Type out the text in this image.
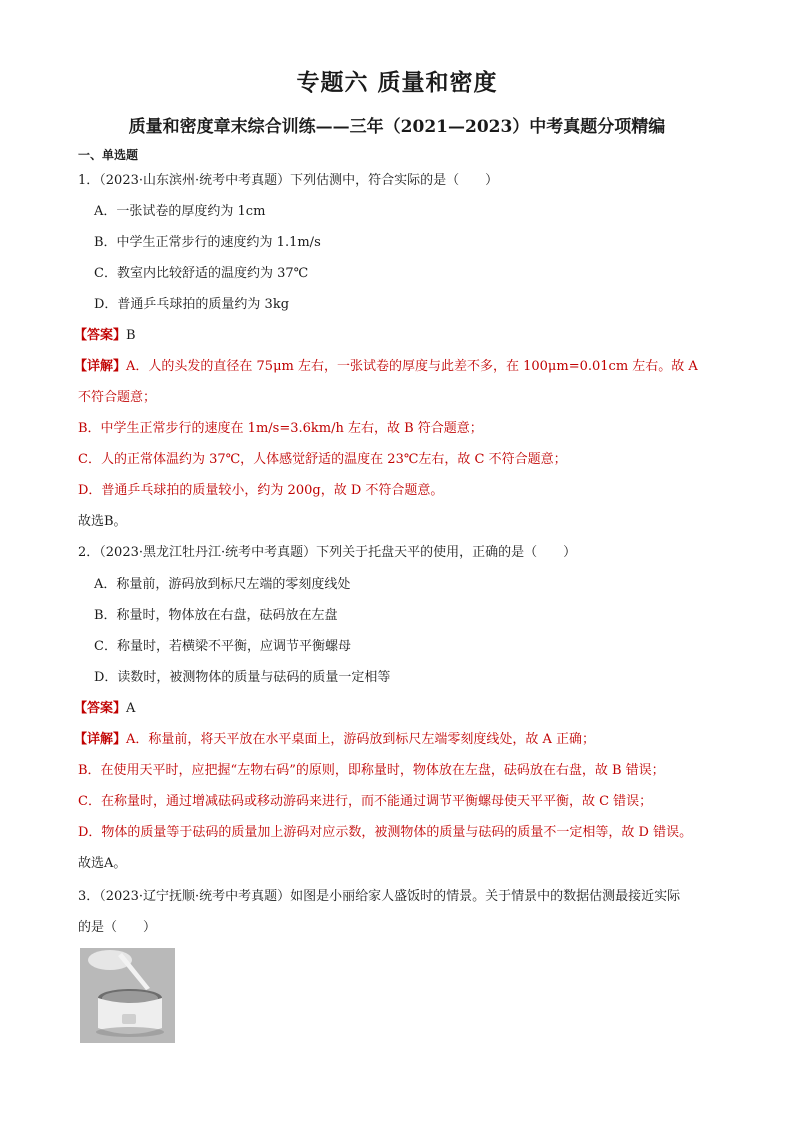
专题六 质量和密度
质量和密度章末综合训练——三年（2021—2023）中考真题分项精编
一、单选题
1．（2023·山东滨州·统考中考真题）下列估测中，符合实际的是（　　）
A．一张试卷的厚度约为 1cm
B．中学生正常步行的速度约为 1.1m/s
C．教室内比较舒适的温度约为 37℃
D．普通乒乓球拍的质量约为 3kg
【答案】B
【详解】A．人的头发的直径在 75μm 左右，一张试卷的厚度与此差不多，在 100μm=0.01cm 左右。故 A
不符合题意；
B．中学生正常步行的速度在 1m/s=3.6km/h 左右，故 B 符合题意；
C．人的正常体温约为 37℃，人体感觉舒适的温度在 23℃左右，故 C 不符合题意；
D．普通乒乓球拍的质量较小，约为 200g，故 D 不符合题意。
故选B。
2．（2023·黑龙江牡丹江·统考中考真题）下列关于托盘天平的使用，正确的是（　　）
A．称量前，游码放到标尺左端的零刻度线处
B．称量时，物体放在右盘，砝码放在左盘
C．称量时，若横梁不平衡，应调节平衡螺母
D．读数时，被测物体的质量与砝码的质量一定相等
【答案】A
【详解】A．称量前，将天平放在水平桌面上，游码放到标尺左端零刻度线处，故 A 正确；
B．在使用天平时，应把握“左物右码”的原则，即称量时，物体放在左盘，砝码放在右盘，故 B 错误；
C．在称量时，通过增减砝码或移动游码来进行，而不能通过调节平衡螺母使天平平衡，故 C 错误；
D．物体的质量等于砝码的质量加上游码对应示数，被测物体的质量与砝码的质量不一定相等，故 D 错误。
故选A。
3．（2023·辽宁抚顺·统考中考真题）如图是小丽给家人盛饭时的情景。关于情景中的数据估测最接近实际
的是（　　）
